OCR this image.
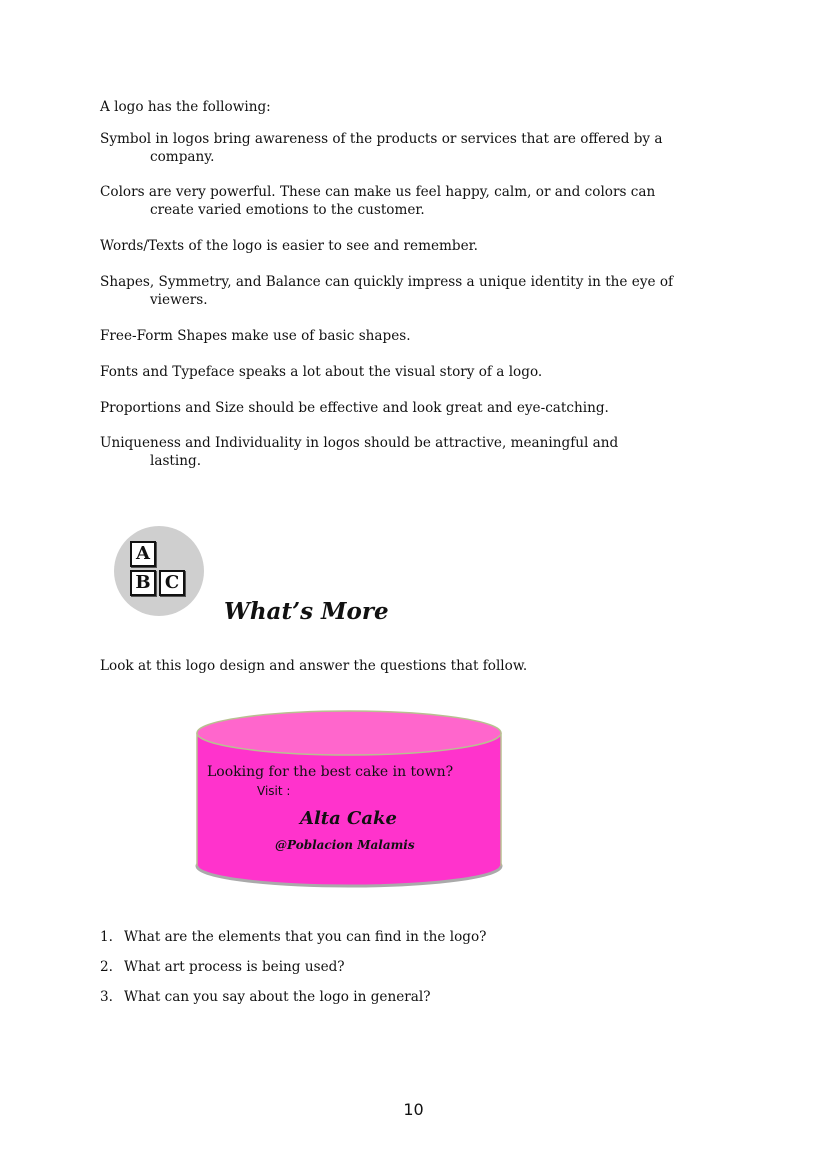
A logo has the following:
Symbol in logos bring awareness of the products or services that are offered by a
company.
Colors are very powerful. These can make us feel happy, calm, or and colors can
create varied emotions to the customer.
Words/Texts of the logo is easier to see and remember.
Shapes, Symmetry, and Balance can quickly impress a unique identity in the eye of
viewers.
Free-Form Shapes make use of basic shapes.
Fonts and Typeface speaks a lot about the visual story of a logo.
Proportions and Size should be effective and look great and eye-catching.
Uniqueness and Individuality in logos should be attractive, meaningful and
lasting.
A
B C
What’s More
Look at this logo design and answer the questions that follow.
Looking for the best cake in town?
Visit :
Alta Cake
@Poblacion Malamis
1. What are the elements that you can find in the logo?
2. What art process is being used?
3. What can you say about the logo in general?
10
